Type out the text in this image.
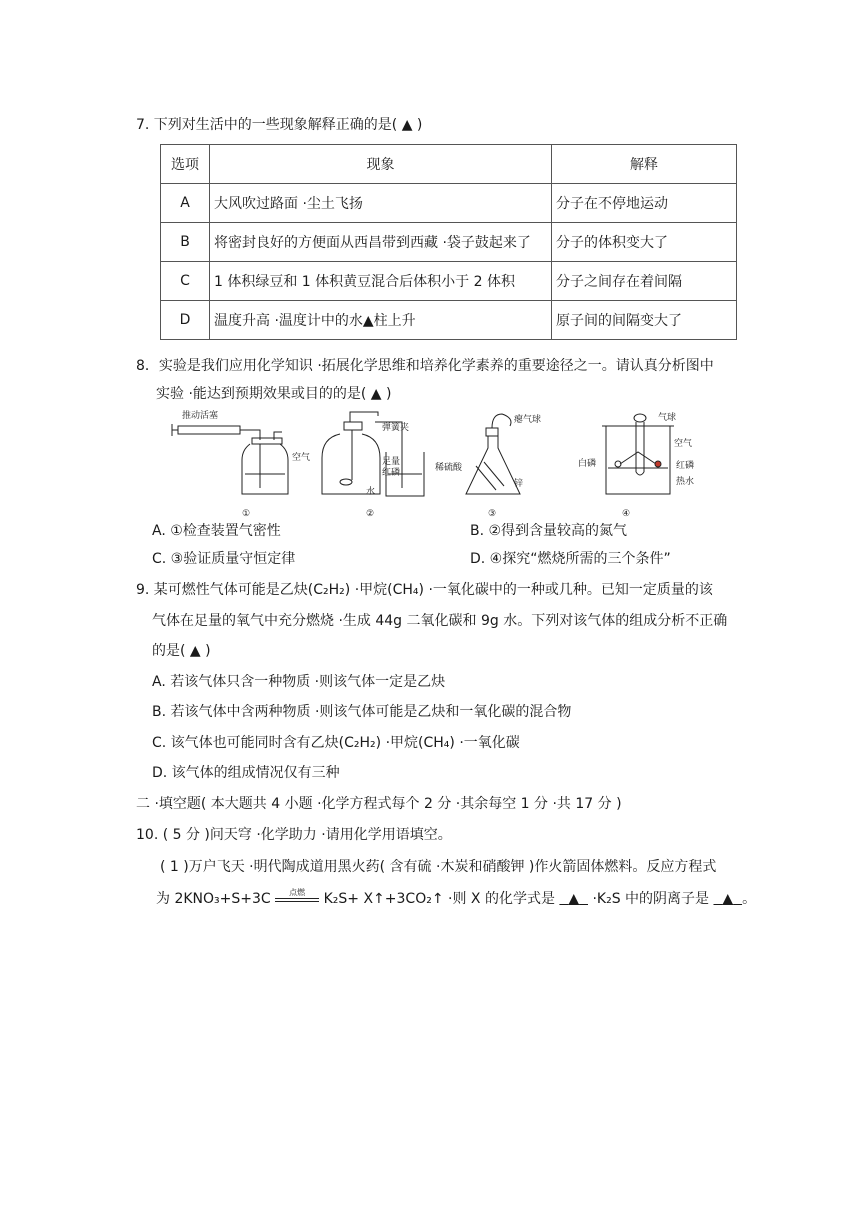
7. 下列对生活中的一些现象解释正确的是( ▲ )
选项	现象	解释
A	大风吹过路面 ·尘土飞扬	分子在不停地运动
B	将密封良好的方便面从西昌带到西藏 ·袋子鼓起来了	分子的体积变大了
C	1 体积绿豆和 1 体积黄豆混合后体积小于 2 体积	分子之间存在着间隔
D	温度升高 ·温度计中的水▲柱上升	原子间的间隔变大了
8．实验是我们应用化学知识 ·拓展化学思维和培养化学素养的重要途径之一。请认真分析图中
实验 ·能达到预期效果或目的的是( ▲ )
推动活塞
弹簧夹
空气	足量
红磷
水
稀硫酸
瘪气球
锌
气球
空气
白磷	红磷
热水
①	②	③	④
A. ①检查装置气密性	B. ②得到含量较高的氮气
C. ③验证质量守恒定律	D. ④探究“燃烧所需的三个条件”
9. 某可燃性气体可能是乙炔(C₂H₂) ·甲烷(CH₄) ·一氧化碳中的一种或几种。已知一定质量的该
气体在足量的氧气中充分燃烧 ·生成 44g 二氧化碳和 9g 水。下列对该气体的组成分析不正确
的是( ▲ )
A. 若该气体只含一种物质 ·则该气体一定是乙炔
B. 若该气体中含两种物质 ·则该气体可能是乙炔和一氧化碳的混合物
C. 该气体也可能同时含有乙炔(C₂H₂) ·甲烷(CH₄) ·一氧化碳
D. 该气体的组成情况仅有三种
二 ·填空题( 本大题共 4 小题 ·化学方程式每个 2 分 ·其余每空 1 分 ·共 17 分 )
10. ( 5 分 )问天穹 ·化学助力 ·请用化学用语填空。
( 1 )万户飞天 ·明代陶成道用黑火药( 含有硫 ·木炭和硝酸钾 )作火箭固体燃料。反应方程式
为 2KNO₃+S+3C	点燃	K₂S+ X↑+3CO₂↑ ·则 X 的化学式是 ▲   ·K₂S 中的阴离子是 ▲ 。
